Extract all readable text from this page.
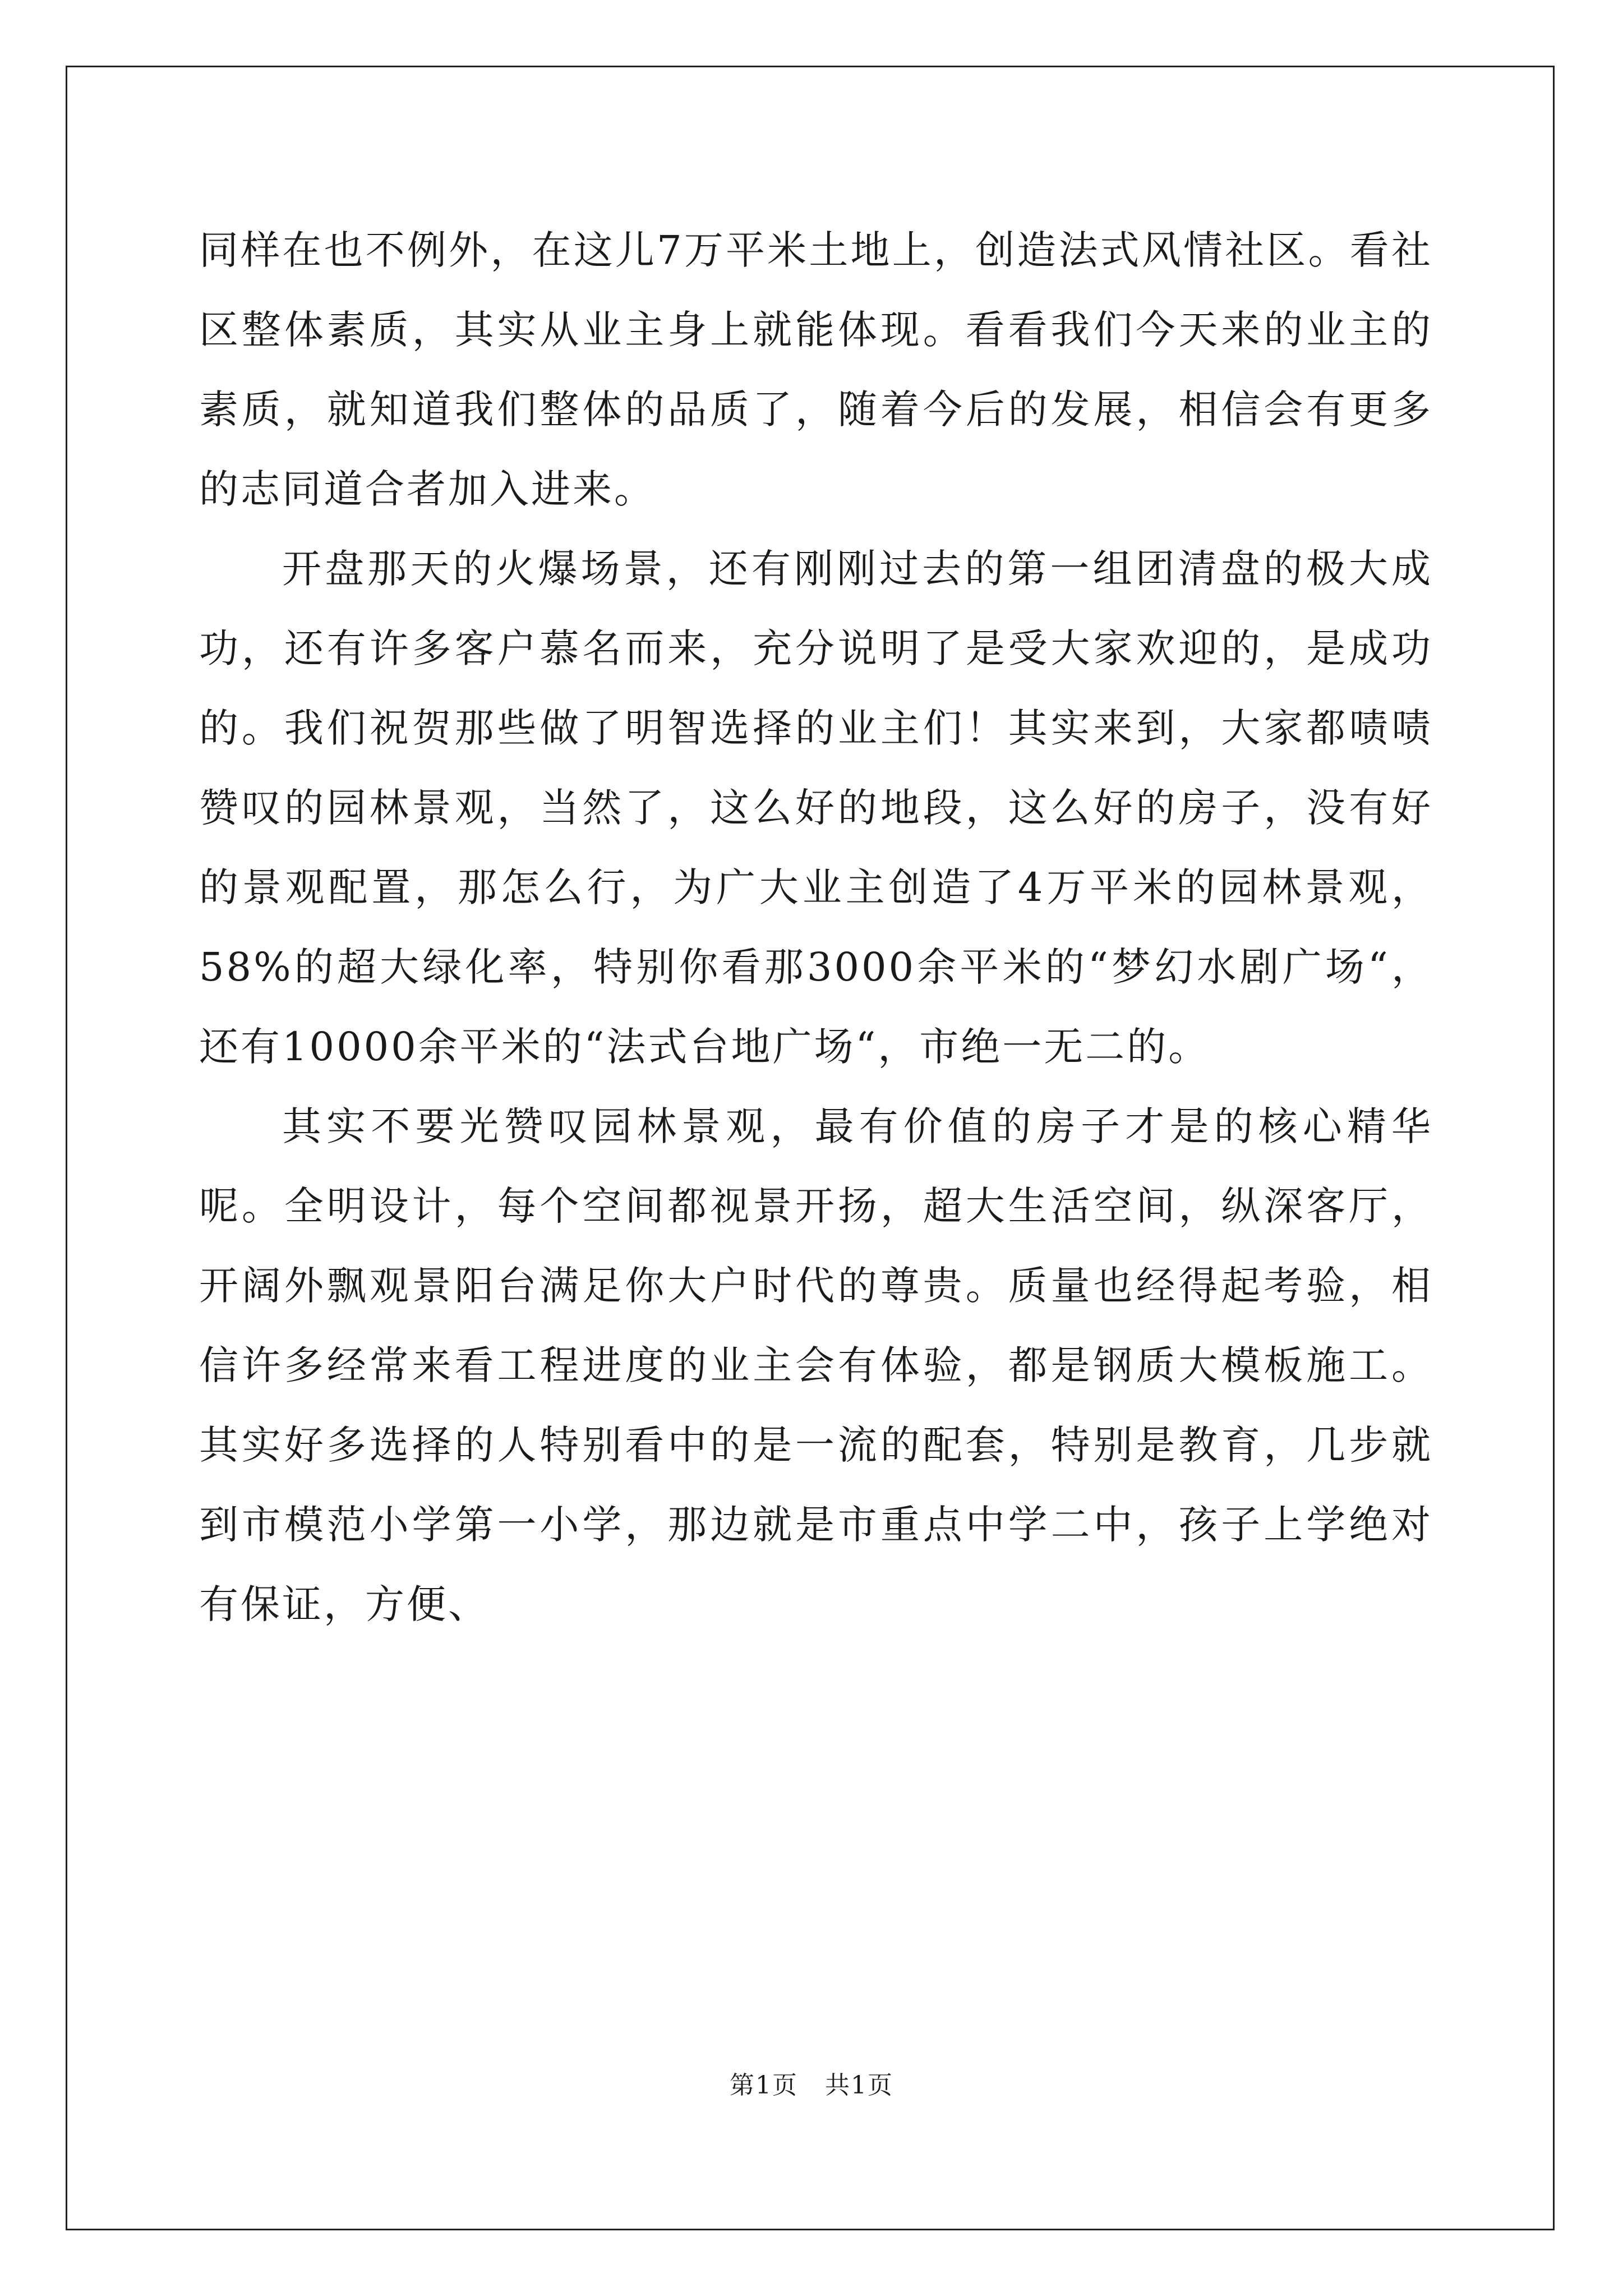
同样在也不例外，在这儿7万平米土地上，创造法式风情社区。看社区整体素质，其实从业主身上就能体现。看看我们今天来的业主的素质，就知道我们整体的品质了，随着今后的发展，相信会有更多的志同道合者加入进来。

开盘那天的火爆场景，还有刚刚过去的第一组团清盘的极大成功，还有许多客户慕名而来，充分说明了是受大家欢迎的，是成功的。我们祝贺那些做了明智选择的业主们！其实来到，大家都啧啧赞叹的园林景观，当然了，这么好的地段，这么好的房子，没有好的景观配置，那怎么行，为广大业主创造了4万平米的园林景观，58%的超大绿化率，特别你看那3000余平米的“梦幻水剧广场“，还有10000余平米的“法式台地广场“，市绝一无二的。

其实不要光赞叹园林景观，最有价值的房子才是的核心精华呢。全明设计，每个空间都视景开扬，超大生活空间，纵深客厅，开阔外飘观景阳台满足你大户时代的尊贵。质量也经得起考验，相信许多经常来看工程进度的业主会有体验，都是钢质大模板施工。其实好多选择的人特别看中的是一流的配套，特别是教育，几步就到市模范小学第一小学，那边就是市重点中学二中，孩子上学绝对有保证，方便、

第1页 共1页
